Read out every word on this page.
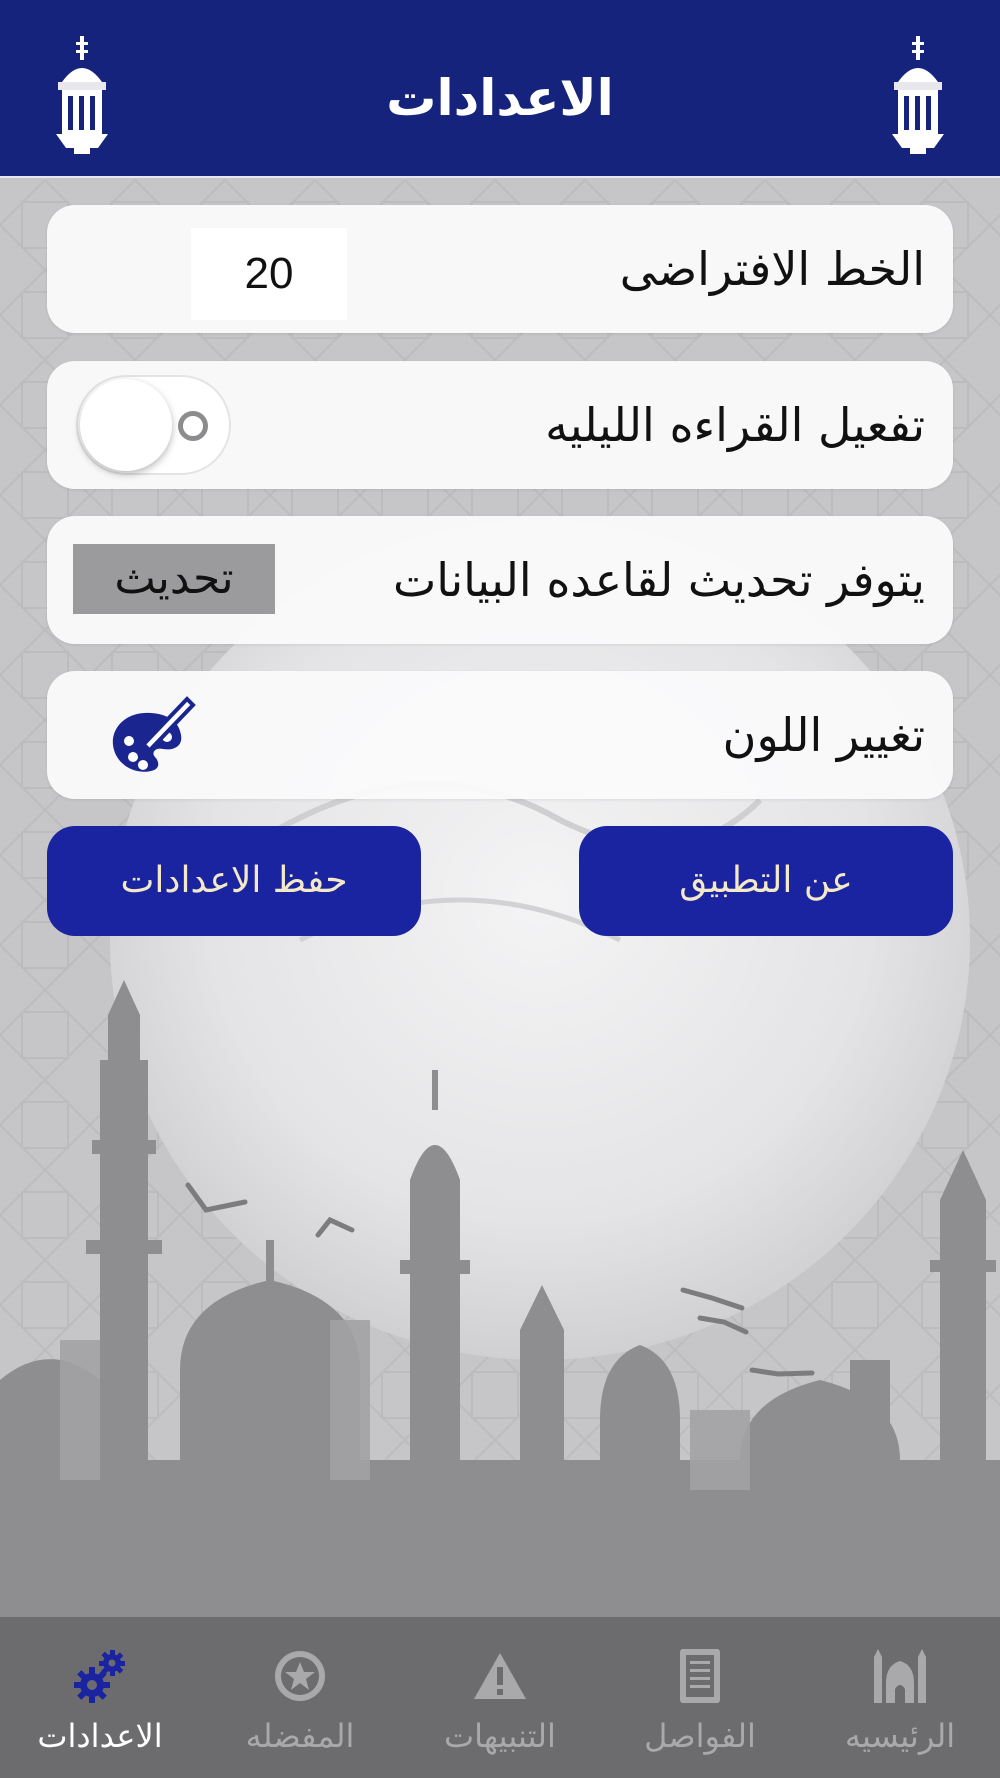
الاعدادات
الخط الافتراضى
20
تفعيل القراءه الليليه
يتوفر تحديث لقاعده البيانات
تحديث
تغيير اللون
حفظ الاعدادات	عن التطبيق
الاعدادات	المفضله	التنبيهات	الفواصل	الرئيسيه
